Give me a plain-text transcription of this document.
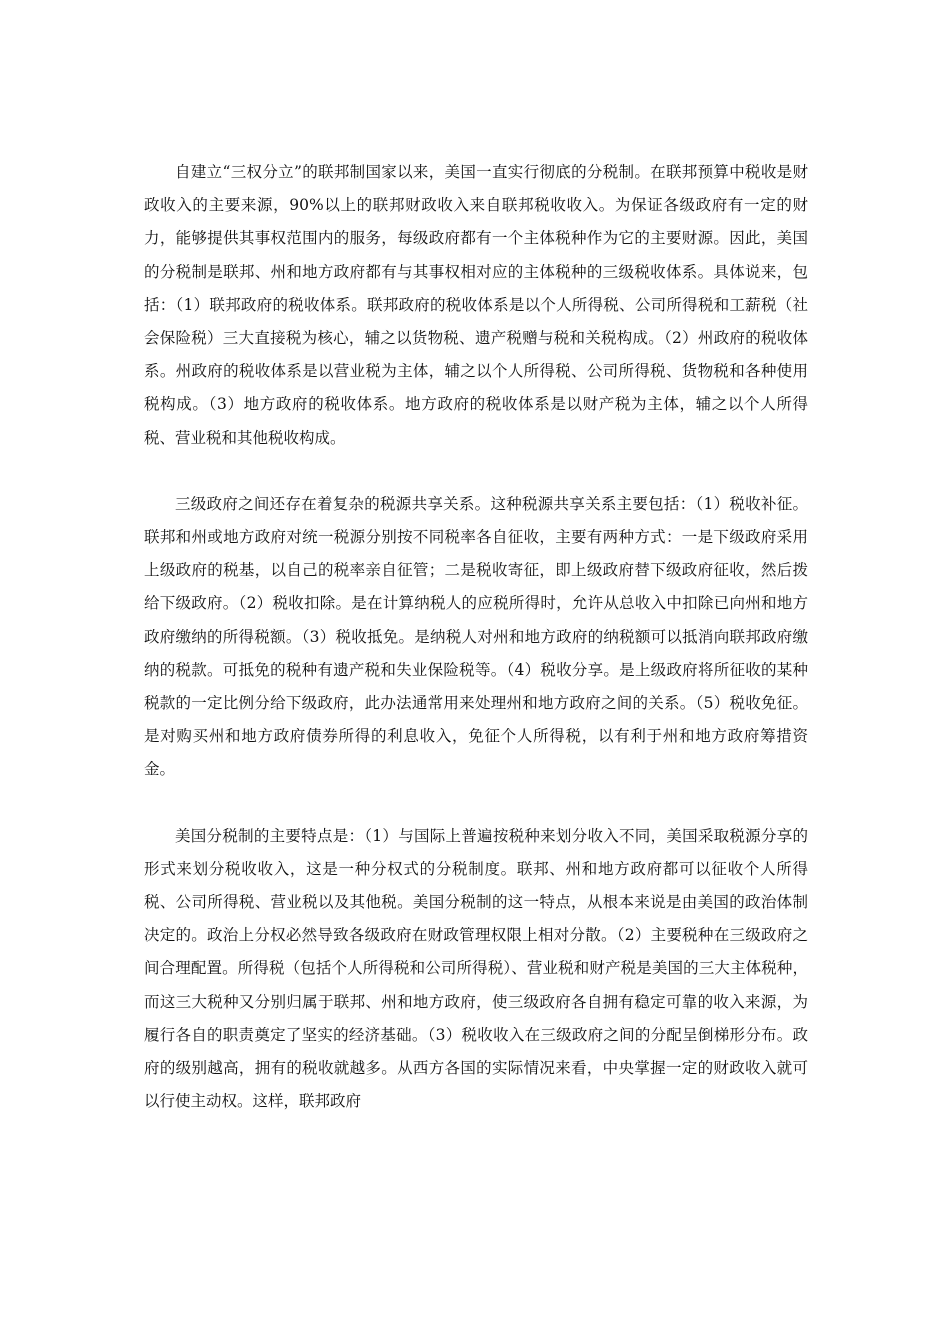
自建立“三权分立”的联邦制国家以来，美国一直实行彻底的分税制。在联邦预算中税收是财政收入的主要来源，90%以上的联邦财政收入来自联邦税收收入。为保证各级政府有一定的财力，能够提供其事权范围内的服务，每级政府都有一个主体税种作为它的主要财源。因此，美国的分税制是联邦、州和地方政府都有与其事权相对应的主体税种的三级税收体系。具体说来，包括：（1）联邦政府的税收体系。联邦政府的税收体系是以个人所得税、公司所得税和工薪税（社会保险税）三大直接税为核心，辅之以货物税、遗产税赠与税和关税构成。（2）州政府的税收体系。州政府的税收体系是以营业税为主体，辅之以个人所得税、公司所得税、货物税和各种使用税构成。（3）地方政府的税收体系。地方政府的税收体系是以财产税为主体，辅之以个人所得税、营业税和其他税收构成。

三级政府之间还存在着复杂的税源共享关系。这种税源共享关系主要包括：（1）税收补征。联邦和州或地方政府对统一税源分别按不同税率各自征收，主要有两种方式：一是下级政府采用上级政府的税基，以自己的税率亲自征管；二是税收寄征，即上级政府替下级政府征收，然后拨给下级政府。（2）税收扣除。是在计算纳税人的应税所得时，允许从总收入中扣除已向州和地方政府缴纳的所得税额。（3）税收抵免。是纳税人对州和地方政府的纳税额可以抵消向联邦政府缴纳的税款。可抵免的税种有遗产税和失业保险税等。（4）税收分享。是上级政府将所征收的某种税款的一定比例分给下级政府，此办法通常用来处理州和地方政府之间的关系。（5）税收免征。是对购买州和地方政府债券所得的利息收入，免征个人所得税，以有利于州和地方政府筹措资金。

美国分税制的主要特点是：（1）与国际上普遍按税种来划分收入不同，美国采取税源分享的形式来划分税收收入，这是一种分权式的分税制度。联邦、州和地方政府都可以征收个人所得税、公司所得税、营业税以及其他税。美国分税制的这一特点，从根本来说是由美国的政治体制决定的。政治上分权必然导致各级政府在财政管理权限上相对分散。（2）主要税种在三级政府之间合理配置。所得税（包括个人所得税和公司所得税）、营业税和财产税是美国的三大主体税种，而这三大税种又分别归属于联邦、州和地方政府，使三级政府各自拥有稳定可靠的收入来源，为履行各自的职责奠定了坚实的经济基础。（3）税收收入在三级政府之间的分配呈倒梯形分布。政府的级别越高，拥有的税收就越多。从西方各国的实际情况来看，中央掌握一定的财政收入就可以行使主动权。这样，联邦政府
